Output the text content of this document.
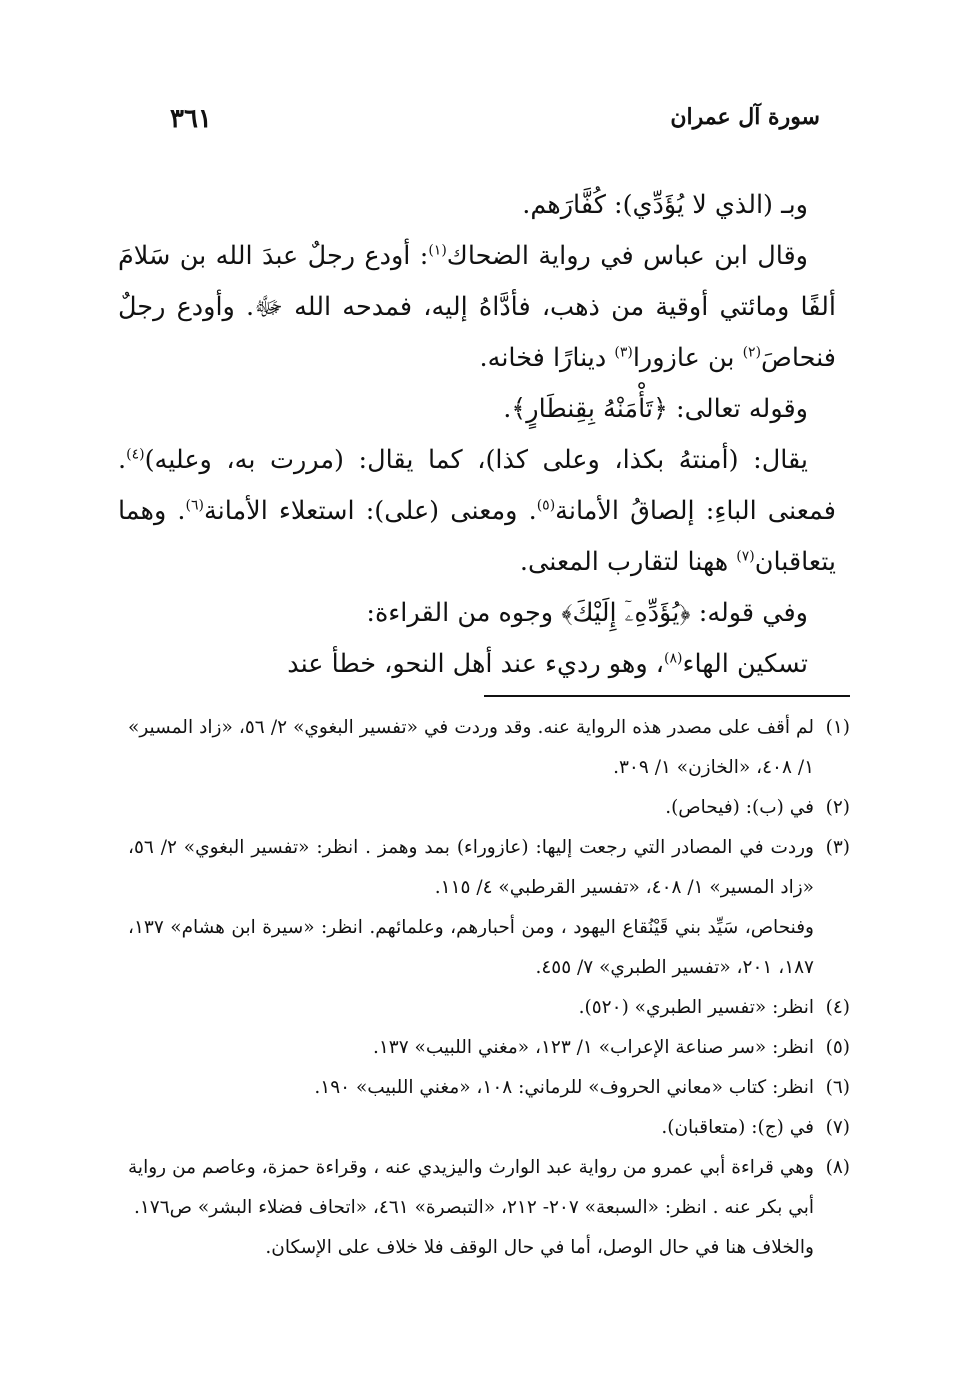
سورة آل عمران
٣٦١

وبـ (الذي لا يُؤَدِّي): كُفَّارَهم.

وقال ابن عباس في رواية الضحاك$^{(١)}$: أودع رجلٌ عبدَ الله بن سَلامَ ألفًا ومائتي أوقية من ذهب، فأدَّاهُ إليه، فمدحه الله ﷻ. وأودع رجلٌ فنحاصَ$^{(٢)}$ بن عازورا$^{(٣)}$ دينارًا فخانه.

وقوله تعالى: ﴿تَأْمَنْهُ بِقِنطَارٍ﴾.

يقال: (أمنتهُ بكذا، وعلى كذا)، كما يقال: (مررت به، وعليه)$^{(٤)}$. فمعنى الباءِ: إلصاقُ الأمانة$^{(٥)}$. ومعنى (على): استعلاء الأمانة$^{(٦)}$. وهما يتعاقبان$^{(٧)}$ ههنا لتقارب المعنى.

وفي قوله: ﴿يُؤَدِّهِۦٓ إِلَيْكَ﴾ وجوه من القراءة:

تسكين الهاء$^{(٨)}$، وهو رديء عند أهل النحو، خطأ عند

(١)
لم أقف على مصدر هذه الرواية عنه. وقد وردت في «تفسير البغوي» ٢/ ٥٦، «زاد المسير» ١/ ٤٠٨، «الخازن» ١/ ٣٠٩.
(٢)
في (ب): (فيحاص).
(٣)
وردت في المصادر التي رجعت إليها: (عازوراء) بمد وهمز . انظر: «تفسير البغوي» ٢/ ٥٦، «زاد المسير» ١/ ٤٠٨، «تفسير القرطبي» ٤/ ١١٥.
وفنحاص، سَيِّد بني قَيْنُقاع اليهود ، ومن أحبارهم، وعلمائهم. انظر: «سيرة ابن هشام» ١٣٧، ١٨٧، ٢٠١، «تفسير الطبري» ٧/ ٤٥٥.
(٤)
انظر: «تفسير الطبري» (٥٢٠).
(٥)
انظر: «سر صناعة الإعراب» ١/ ١٢٣، «مغني اللبيب» ١٣٧.
(٦)
انظر: كتاب «معاني الحروف» للرماني: ١٠٨، «مغني اللبيب» ١٩٠.
(٧)
في (ج): (متعاقبان).
(٨)
وهي قراءة أبي عمرو من رواية عبد الوارث واليزيدي عنه ، وقراءة حمزة، وعاصم من رواية أبي بكر عنه . انظر: «السبعة» ٢٠٧- ٢١٢، «التبصرة» ٤٦١، «اتحاف فضلاء البشر» ص١٧٦.
والخلاف هنا في حال الوصل، أما في حال الوقف فلا خلاف على الإسكان.
